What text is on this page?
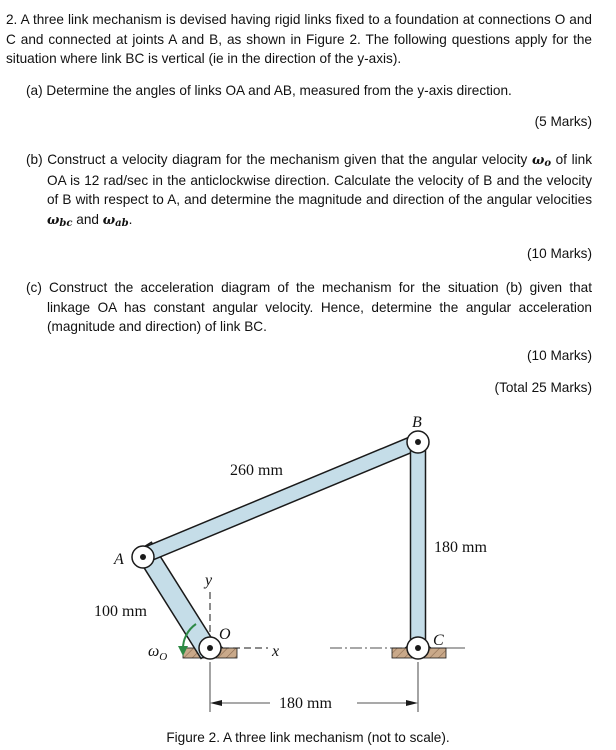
2. A three link mechanism is devised having rigid links fixed to a foundation at connections O and C and connected at joints A and B, as shown in Figure 2. The following questions apply for the situation where link BC is vertical (ie in the direction of the y-axis).

(a) Determine the angles of links OA and AB, measured from the y-axis direction.

(5 Marks)

(b) Construct a velocity diagram for the mechanism given that the angular velocity $\omega_o$ of link OA is 12 rad/sec in the anticlockwise direction. Calculate the velocity of B and the velocity of B with respect to A, and determine the magnitude and direction of the angular velocities $\omega_{bc}$ and $\omega_{ab}$.

(10 Marks)

(c) Construct the acceleration diagram of the mechanism for the situation (b) given that linkage OA has constant angular velocity. Hence, determine the angular acceleration (magnitude and direction) of link BC.

(10 Marks)
(Total 25 Marks)
B
A
O	C
y
x
$\omega_O$
260 mm
180 mm
100 mm
180 mm
Figure 2. A three link mechanism (not to scale).
